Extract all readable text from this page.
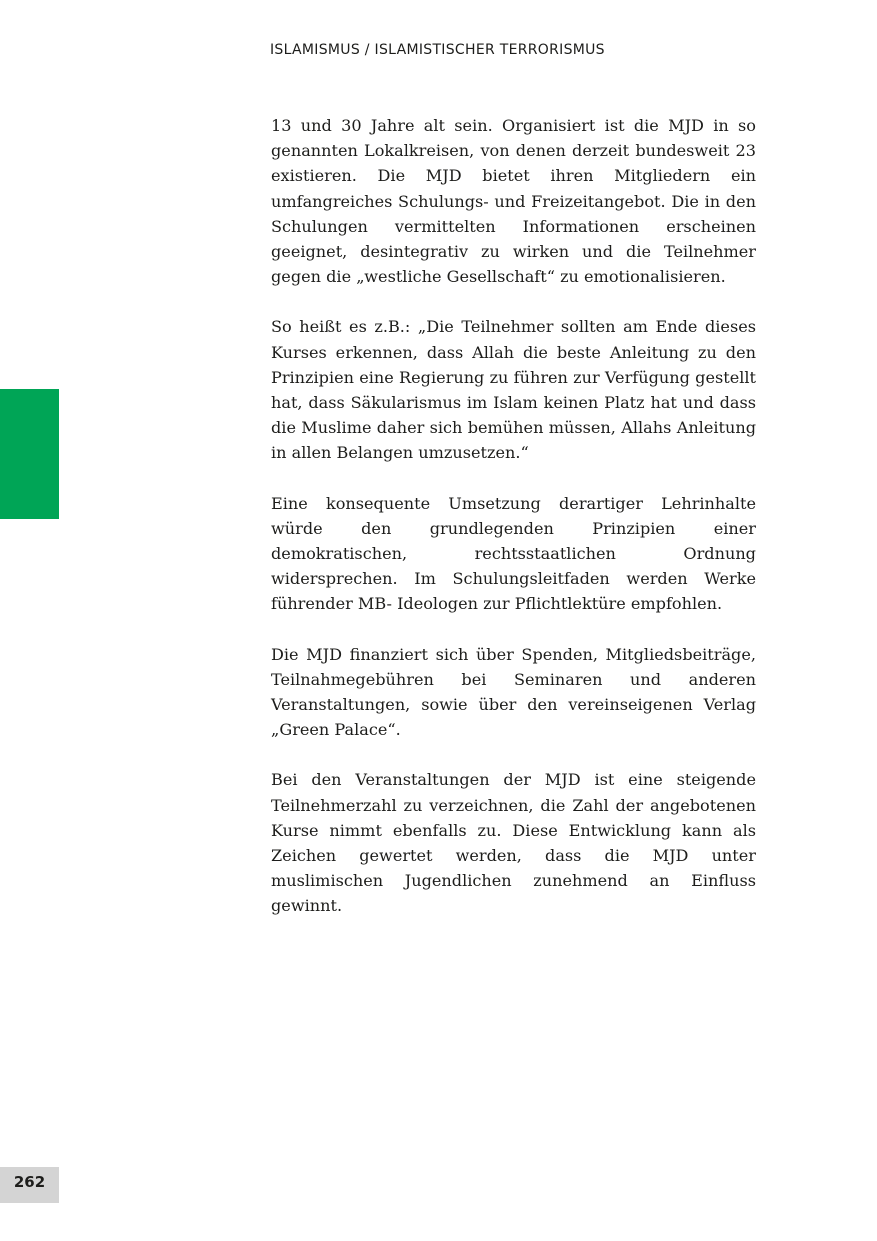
ISLAMISMUS / ISLAMISTISCHER TERRORISMUS

13 und 30 Jahre alt sein. Organisiert ist die MJD in so genannten Lokalkreisen, von denen derzeit bundesweit 23 existieren. Die MJD bietet ihren Mitgliedern ein umfangreiches Schulungs- und Freizeitangebot. Die in den Schulungen vermittelten Informationen erscheinen geeignet, desintegrativ zu wirken und die Teilnehmer gegen die „westliche Gesellschaft“ zu emotionalisieren.

So heißt es z.B.: „Die Teilnehmer sollten am Ende dieses Kurses erkennen, dass Allah die beste Anleitung zu den Prinzipien eine Regierung zu führen zur Verfügung gestellt hat, dass Säkularismus im Islam keinen Platz hat und dass die Muslime daher sich bemühen müssen, Allahs Anleitung in allen Belangen umzusetzen.“

Eine konsequente Umsetzung derartiger Lehrinhalte würde den grundlegenden Prinzipien einer demokratischen, rechtsstaatlichen Ordnung widersprechen. Im Schulungsleitfaden werden Werke führender MB- Ideologen zur Pflichtlektüre empfohlen.

Die MJD finanziert sich über Spenden, Mitgliedsbeiträge, Teilnahmegebühren bei Seminaren und anderen Veranstaltungen, sowie über den vereinseigenen Verlag „Green Palace“.

Bei den Veranstaltungen der MJD ist eine steigende Teilnehmerzahl zu verzeichnen, die Zahl der angebotenen Kurse nimmt ebenfalls zu. Diese Entwicklung kann als Zeichen gewertet werden, dass die MJD unter muslimischen Jugendlichen zunehmend an Einfluss gewinnt.

262
